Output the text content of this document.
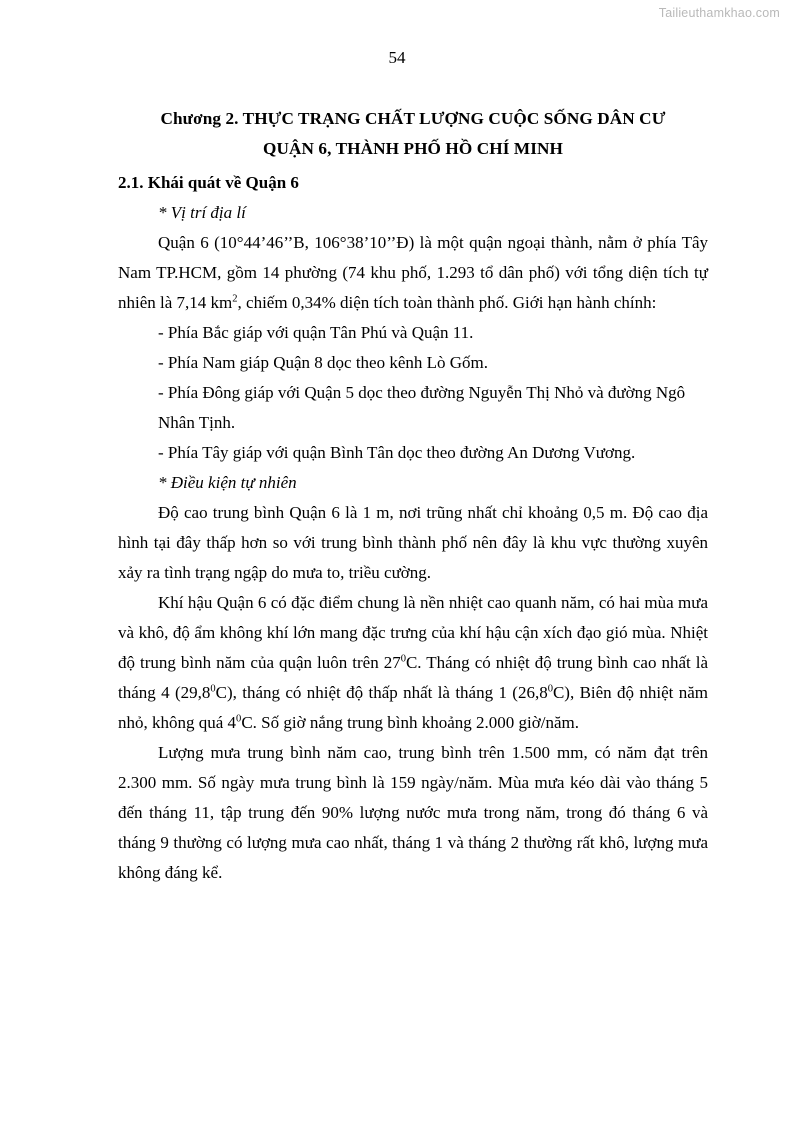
Tailieuthamkhao.com
54
Chương 2. THỰC TRẠNG CHẤT LƯỢNG CUỘC SỐNG DÂN CƯ
QUẬN 6, THÀNH PHỐ HỒ CHÍ MINH
2.1. Khái quát về Quận 6

* Vị trí địa lí

Quận 6 (10°44’46’’B, 106°38’10’’Đ) là một quận ngoại thành, nằm ở phía Tây Nam TP.HCM, gồm 14 phường (74 khu phố, 1.293 tổ dân phố) với tổng diện tích tự nhiên là 7,14 $km^2$, chiếm 0,34% diện tích toàn thành phố. Giới hạn hành chính:

- Phía Bắc giáp với quận Tân Phú và Quận 11.

- Phía Nam giáp Quận 8 dọc theo kênh Lò Gốm.

- Phía Đông giáp với Quận 5 dọc theo đường Nguyễn Thị Nhỏ và đường Ngô Nhân Tịnh.

- Phía Tây giáp với quận Bình Tân dọc theo đường An Dương Vương.

* Điều kiện tự nhiên

Độ cao trung bình Quận 6 là 1 m, nơi trũng nhất chỉ khoảng 0,5 m. Độ cao địa hình tại đây thấp hơn so với trung bình thành phố nên đây là khu vực thường xuyên xảy ra tình trạng ngập do mưa to, triều cường.

Khí hậu Quận 6 có đặc điểm chung là nền nhiệt cao quanh năm, có hai mùa mưa và khô, độ ẩm không khí lớn mang đặc trưng của khí hậu cận xích đạo gió mùa. Nhiệt độ trung bình năm của quận luôn trên $27^0C$. Tháng có nhiệt độ trung bình cao nhất là tháng 4 (29,8$^0$C), tháng có nhiệt độ thấp nhất là tháng 1 (26,8$^0$C), Biên độ nhiệt năm nhỏ, không quá $4^0C$. Số giờ nắng trung bình khoảng 2.000 giờ/năm.

Lượng mưa trung bình năm cao, trung bình trên 1.500 mm, có năm đạt trên 2.300 mm. Số ngày mưa trung bình là 159 ngày/năm. Mùa mưa kéo dài vào tháng 5 đến tháng 11, tập trung đến 90% lượng nước mưa trong năm, trong đó tháng 6 và tháng 9 thường có lượng mưa cao nhất, tháng 1 và tháng 2 thường rất khô, lượng mưa không đáng kể.
